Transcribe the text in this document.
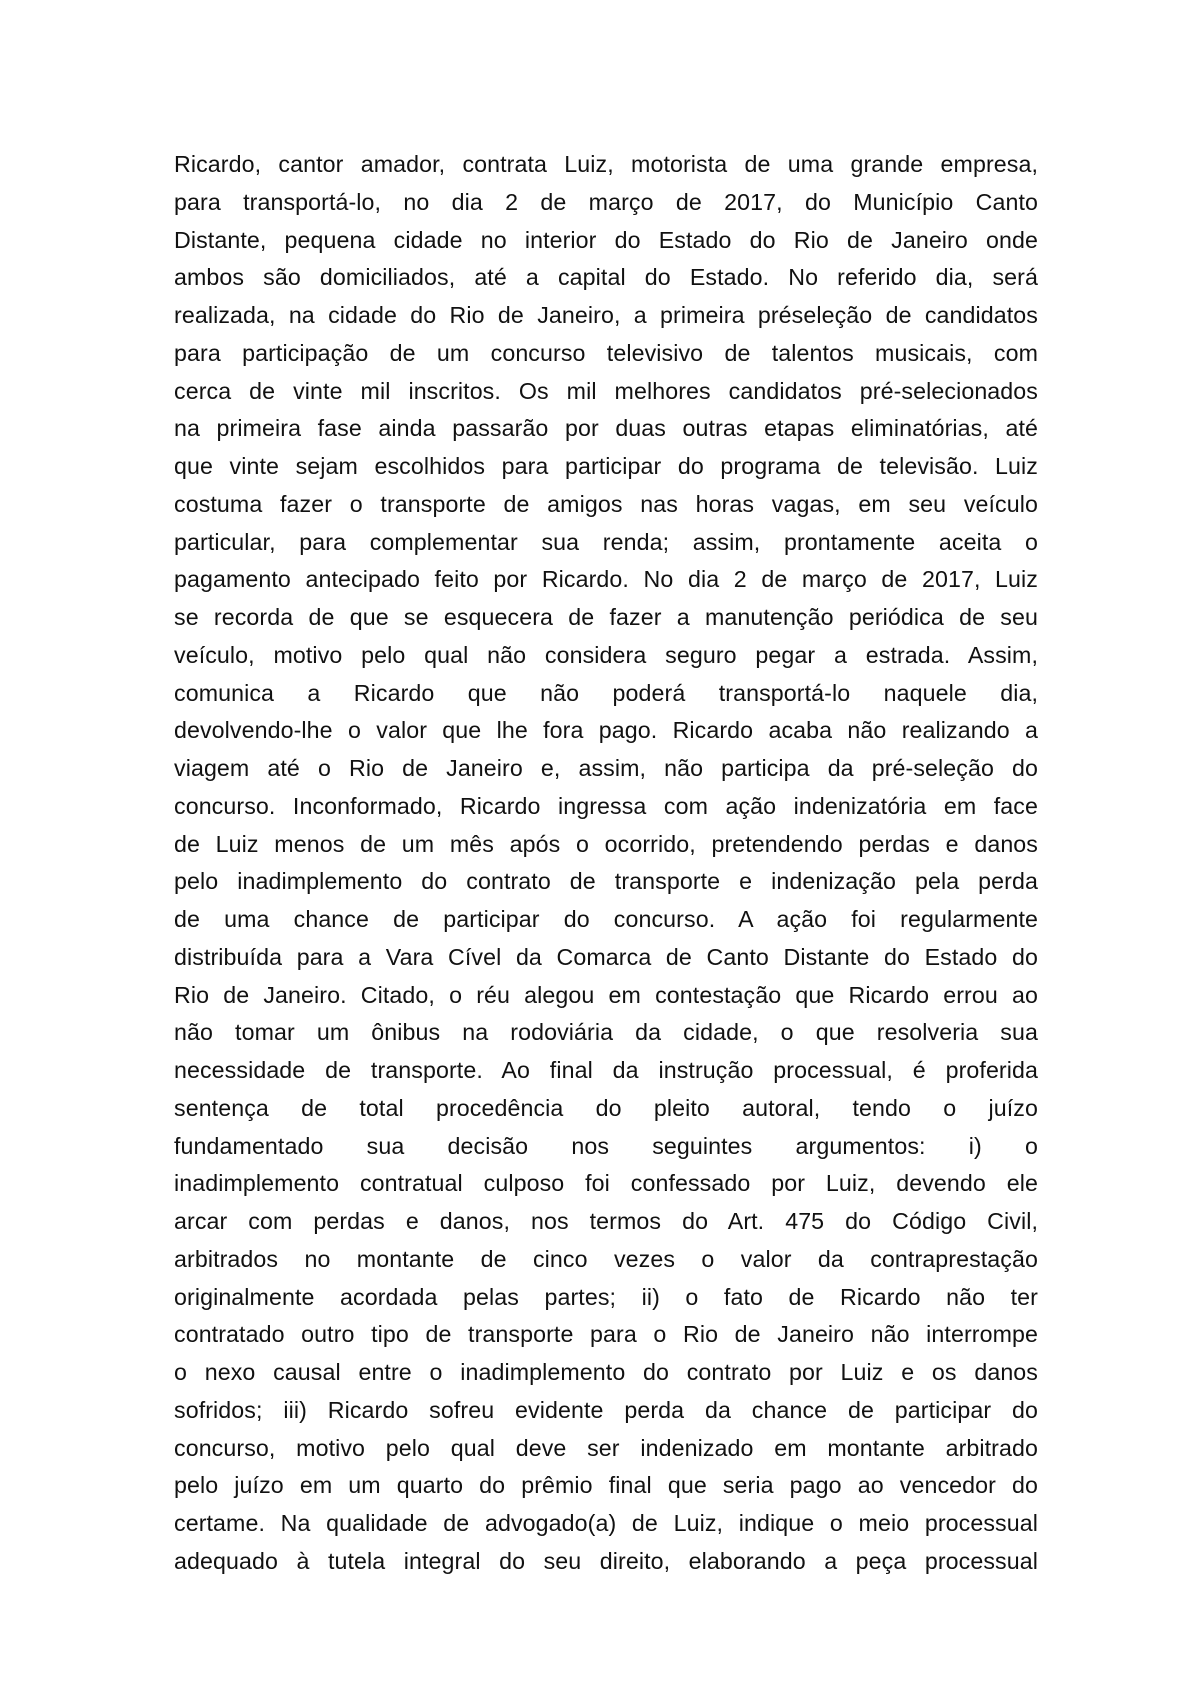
Ricardo, cantor amador, contrata Luiz, motorista de uma grande empresa,
para transportá-lo, no dia 2 de março de 2017, do Município Canto
Distante, pequena cidade no interior do Estado do Rio de Janeiro onde
ambos são domiciliados, até a capital do Estado. No referido dia, será
realizada, na cidade do Rio de Janeiro, a primeira préseleção de candidatos
para participação de um concurso televisivo de talentos musicais, com
cerca de vinte mil inscritos. Os mil melhores candidatos pré-selecionados
na primeira fase ainda passarão por duas outras etapas eliminatórias, até
que vinte sejam escolhidos para participar do programa de televisão. Luiz
costuma fazer o transporte de amigos nas horas vagas, em seu veículo
particular, para complementar sua renda; assim, prontamente aceita o
pagamento antecipado feito por Ricardo. No dia 2 de março de 2017, Luiz
se recorda de que se esquecera de fazer a manutenção periódica de seu
veículo, motivo pelo qual não considera seguro pegar a estrada. Assim,
comunica a Ricardo que não poderá transportá-lo naquele dia,
devolvendo-lhe o valor que lhe fora pago. Ricardo acaba não realizando a
viagem até o Rio de Janeiro e, assim, não participa da pré-seleção do
concurso. Inconformado, Ricardo ingressa com ação indenizatória em face
de Luiz menos de um mês após o ocorrido, pretendendo perdas e danos
pelo inadimplemento do contrato de transporte e indenização pela perda
de uma chance de participar do concurso. A ação foi regularmente
distribuída para a Vara Cível da Comarca de Canto Distante do Estado do
Rio de Janeiro. Citado, o réu alegou em contestação que Ricardo errou ao
não tomar um ônibus na rodoviária da cidade, o que resolveria sua
necessidade de transporte. Ao final da instrução processual, é proferida
sentença de total procedência do pleito autoral, tendo o juízo
fundamentado sua decisão nos seguintes argumentos: i) o
inadimplemento contratual culposo foi confessado por Luiz, devendo ele
arcar com perdas e danos, nos termos do Art. 475 do Código Civil,
arbitrados no montante de cinco vezes o valor da contraprestação
originalmente acordada pelas partes; ii) o fato de Ricardo não ter
contratado outro tipo de transporte para o Rio de Janeiro não interrompe
o nexo causal entre o inadimplemento do contrato por Luiz e os danos
sofridos; iii) Ricardo sofreu evidente perda da chance de participar do
concurso, motivo pelo qual deve ser indenizado em montante arbitrado
pelo juízo em um quarto do prêmio final que seria pago ao vencedor do
certame. Na qualidade de advogado(a) de Luiz, indique o meio processual
adequado à tutela integral do seu direito, elaborando a peça processual
